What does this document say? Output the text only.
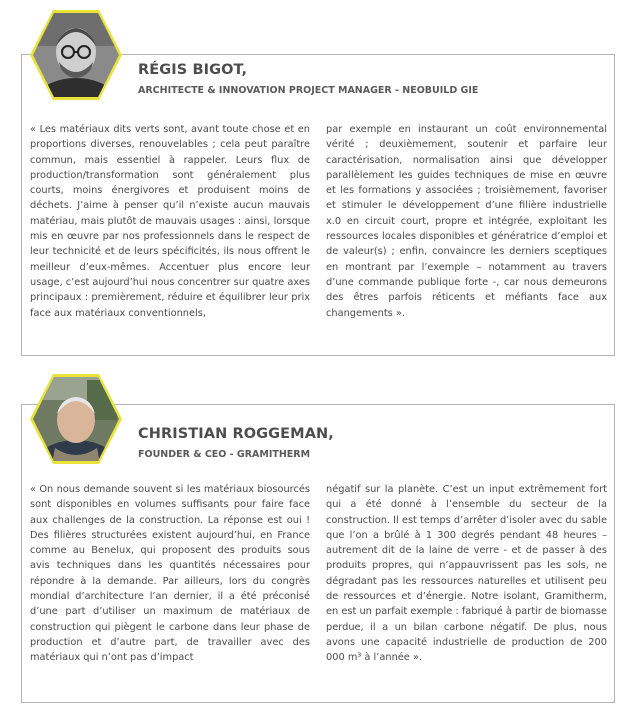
RÉGIS BIGOT,
ARCHITECTE & INNOVATION PROJECT MANAGER - NEOBUILD GIE
« Les matériaux dits verts sont, avant toute chose et en proportions diverses, renouvelables ; cela peut paraître commun, mais essentiel à rappeler. Leurs flux de production/transformation sont généralement plus courts, moins énergivores et produisent moins de déchets. J’aime à penser qu’il n’existe aucun mauvais matériau, mais plutôt de mauvais usages : ainsi, lorsque mis en œuvre par nos professionnels dans le respect de leur technicité et de leurs spécificités, ils nous offrent le meilleur d’eux-mêmes. Accentuer plus encore leur usage, c’est aujourd’hui nous concentrer sur quatre axes principaux : premièrement, réduire et équilibrer leur prix face aux matériaux conventionnels,
par exemple en instaurant un coût environnemental vérité ; deuxièmement, soutenir et parfaire leur caractérisation, normalisation ainsi que développer parallèlement les guides techniques de mise en œuvre et les formations y associées ; troisièmement, favoriser et stimuler le développement d’une filière industrielle x.0 en circuit court, propre et intégrée, exploitant les ressources locales disponibles et génératrice d’emploi et de valeur(s) ; enfin, convaincre les derniers sceptiques en montrant par l’exemple – notamment au travers d’une commande publique forte -, car nous demeurons des êtres parfois réticents et méfiants face aux changements ».
CHRISTIAN ROGGEMAN,
FOUNDER & CEO - GRAMITHERM
« On nous demande souvent si les matériaux biosourcés sont disponibles en volumes suffisants pour faire face aux challenges de la construction. La réponse est oui ! Des filières structurées existent aujourd’hui, en France comme au Benelux, qui proposent des produits sous avis techniques dans les quantités nécessaires pour répondre à la demande. Par ailleurs, lors du congrès mondial d’architecture l’an dernier, il a été préconisé d’une part d’utiliser un maximum de matériaux de construction qui piègent le carbone dans leur phase de production et d’autre part, de travailler avec des matériaux qui n’ont pas d’impact
négatif sur la planète. C’est un input extrêmement fort qui a été donné à l’ensemble du secteur de la construction. Il est temps d’arrêter d’isoler avec du sable que l’on a brûlé à 1 300 degrés pendant 48 heures – autrement dit de la laine de verre - et de passer à des produits propres, qui n’appauvrissent pas les sols, ne dégradant pas les ressources naturelles et utilisent peu de ressources et d’énergie. Notre isolant, Gramitherm, en est un parfait exemple : fabriqué à partir de biomasse perdue, il a un bilan carbone négatif. De plus, nous avons une capacité industrielle de production de 200 000 m³ à l’année ».
